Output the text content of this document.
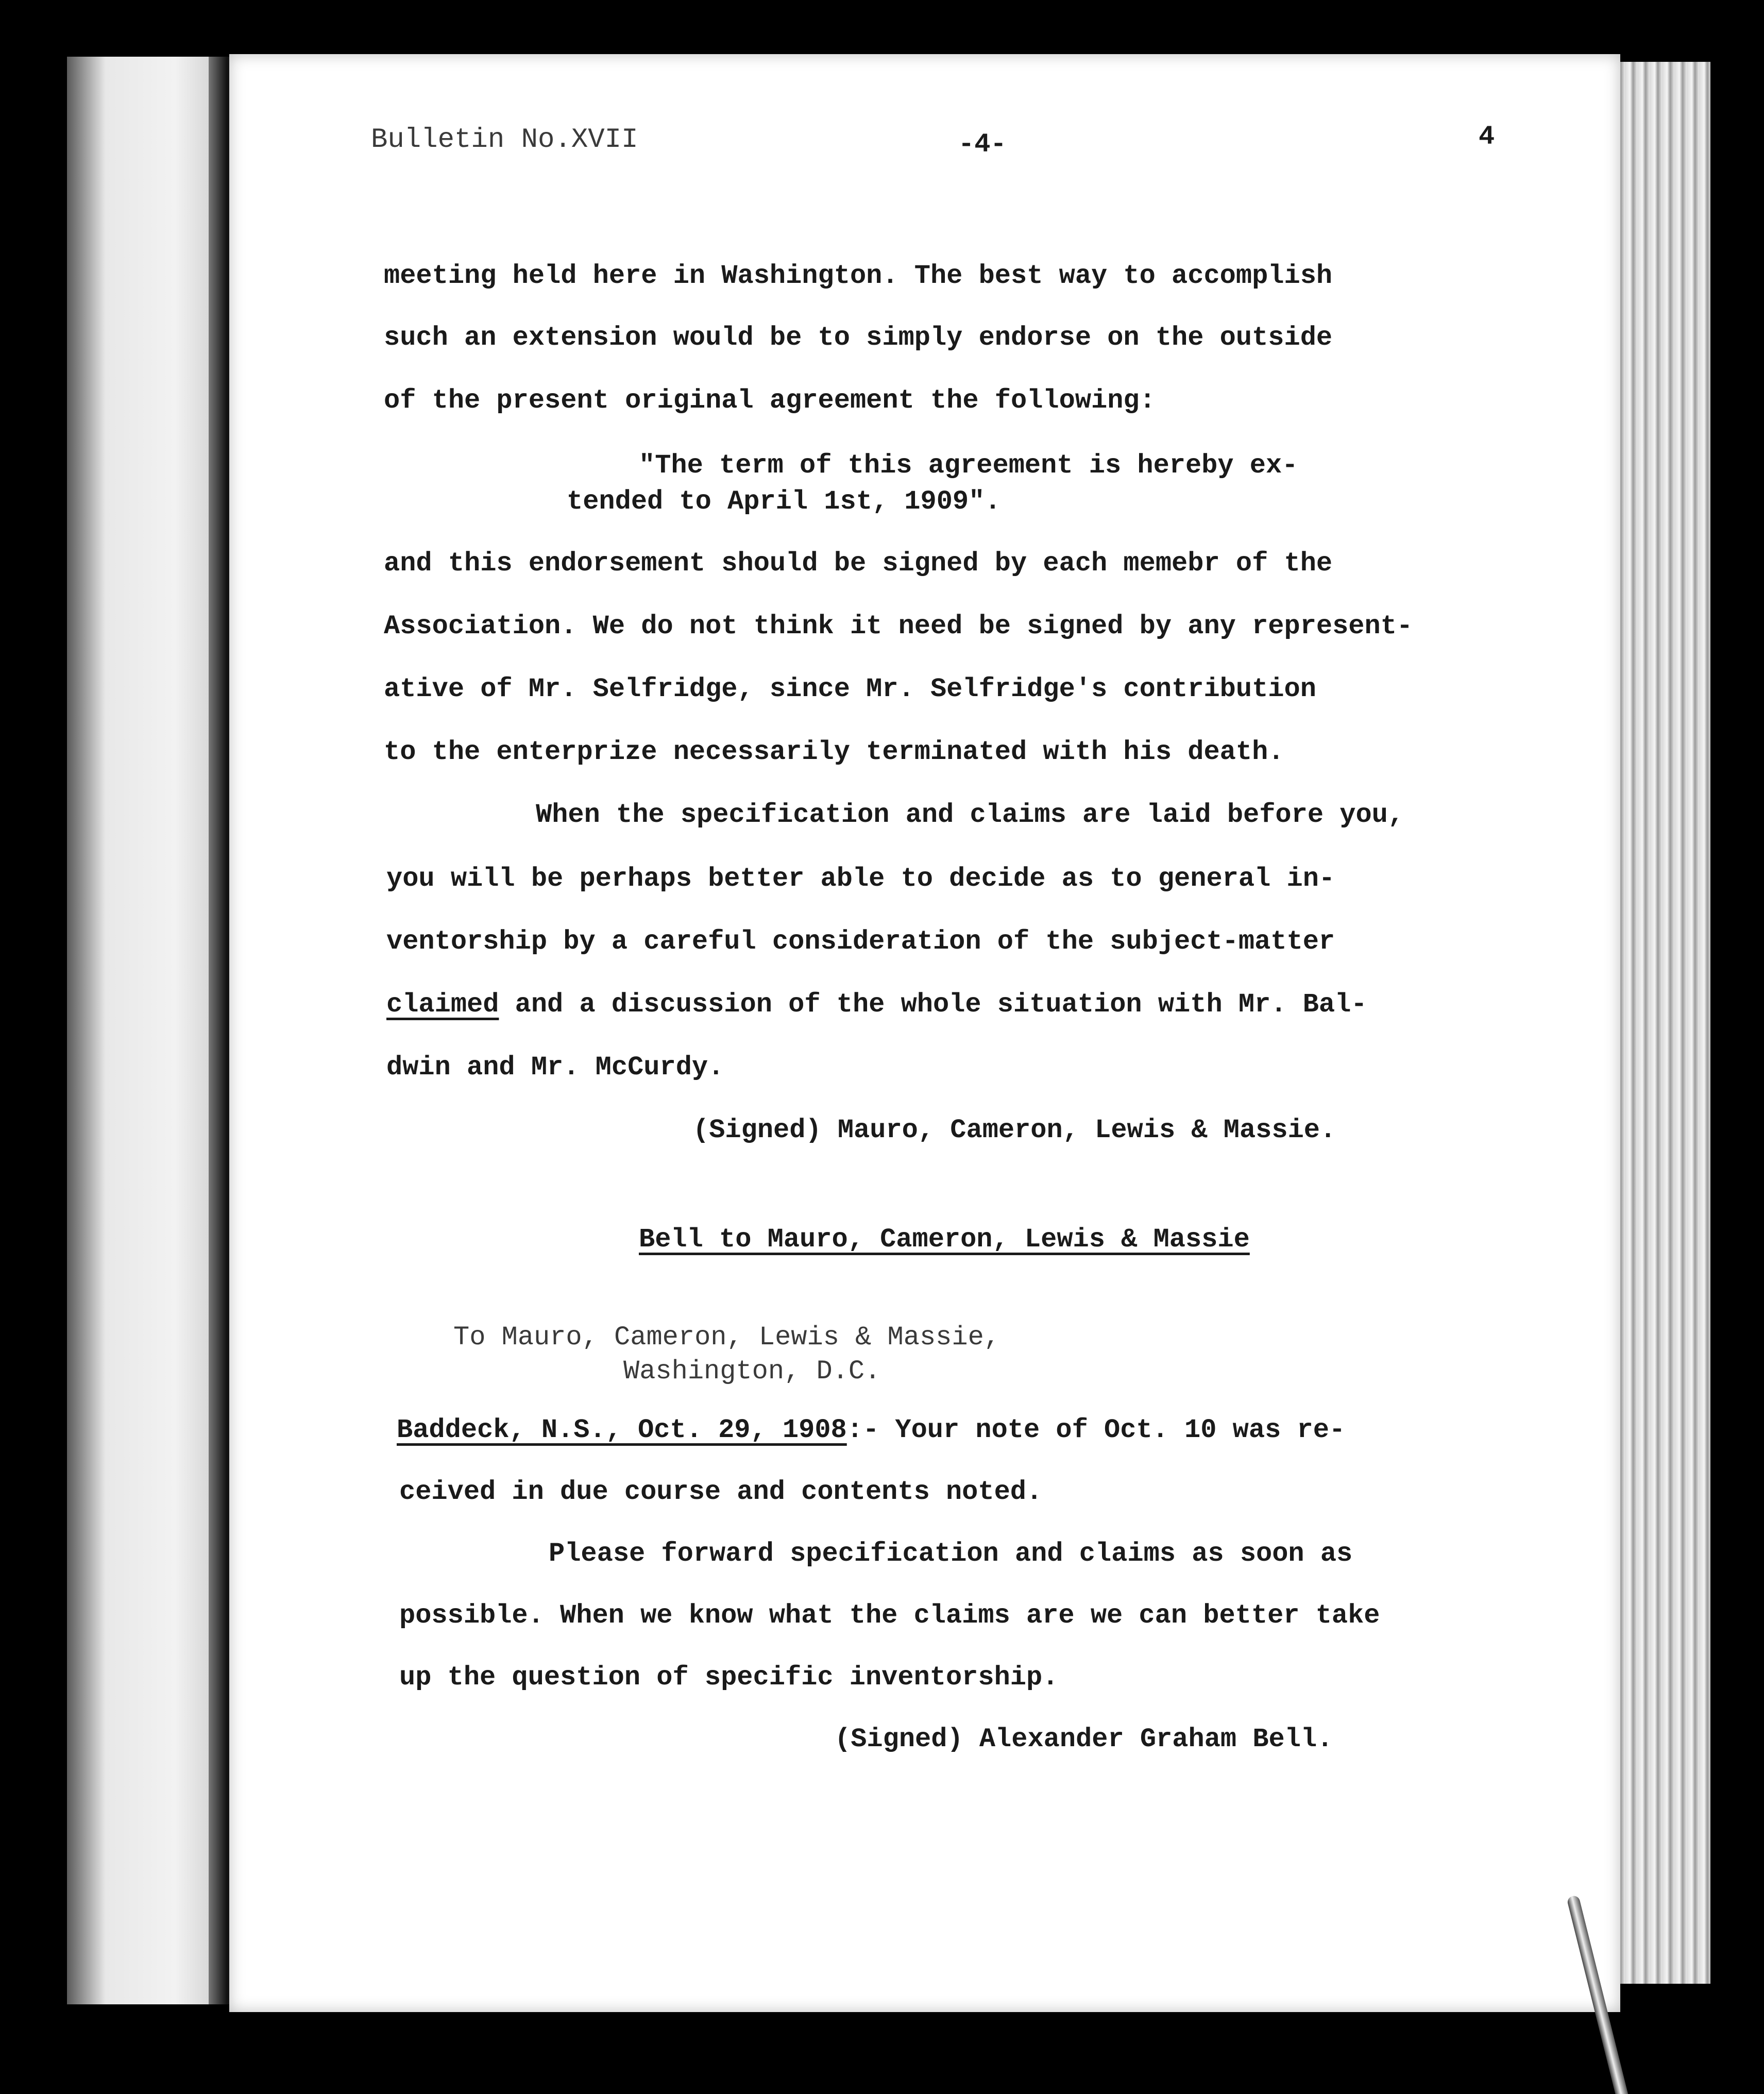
Bulletin No.XVII	-4-	4
meeting held here in Washington. The best way to accomplish
such an extension would be to simply endorse on the outside
of the present original agreement the following:
"The term of this agreement is hereby ex-
tended to April 1st, 1909".
and this endorsement should be signed by each memebr of the
Association. We do not think it need be signed by any represent-
ative of Mr. Selfridge, since Mr. Selfridge's contribution
to the enterprize necessarily terminated with his death.
When the specification and claims are laid before you,
you will be perhaps better able to decide as to general in-
ventorship by a careful consideration of the subject-matter
claimed and a discussion of the whole situation with Mr. Bal-
dwin and Mr. McCurdy.
(Signed) Mauro, Cameron, Lewis & Massie.
Bell to Mauro, Cameron, Lewis & Massie
To Mauro, Cameron, Lewis & Massie,
Washington, D.C.
Baddeck, N.S., Oct. 29, 1908:- Your note of Oct. 10 was re-
ceived in due course and contents noted.
Please forward specification and claims as soon as
possible. When we know what the claims are we can better take
up the question of specific inventorship.
(Signed) Alexander Graham Bell.
